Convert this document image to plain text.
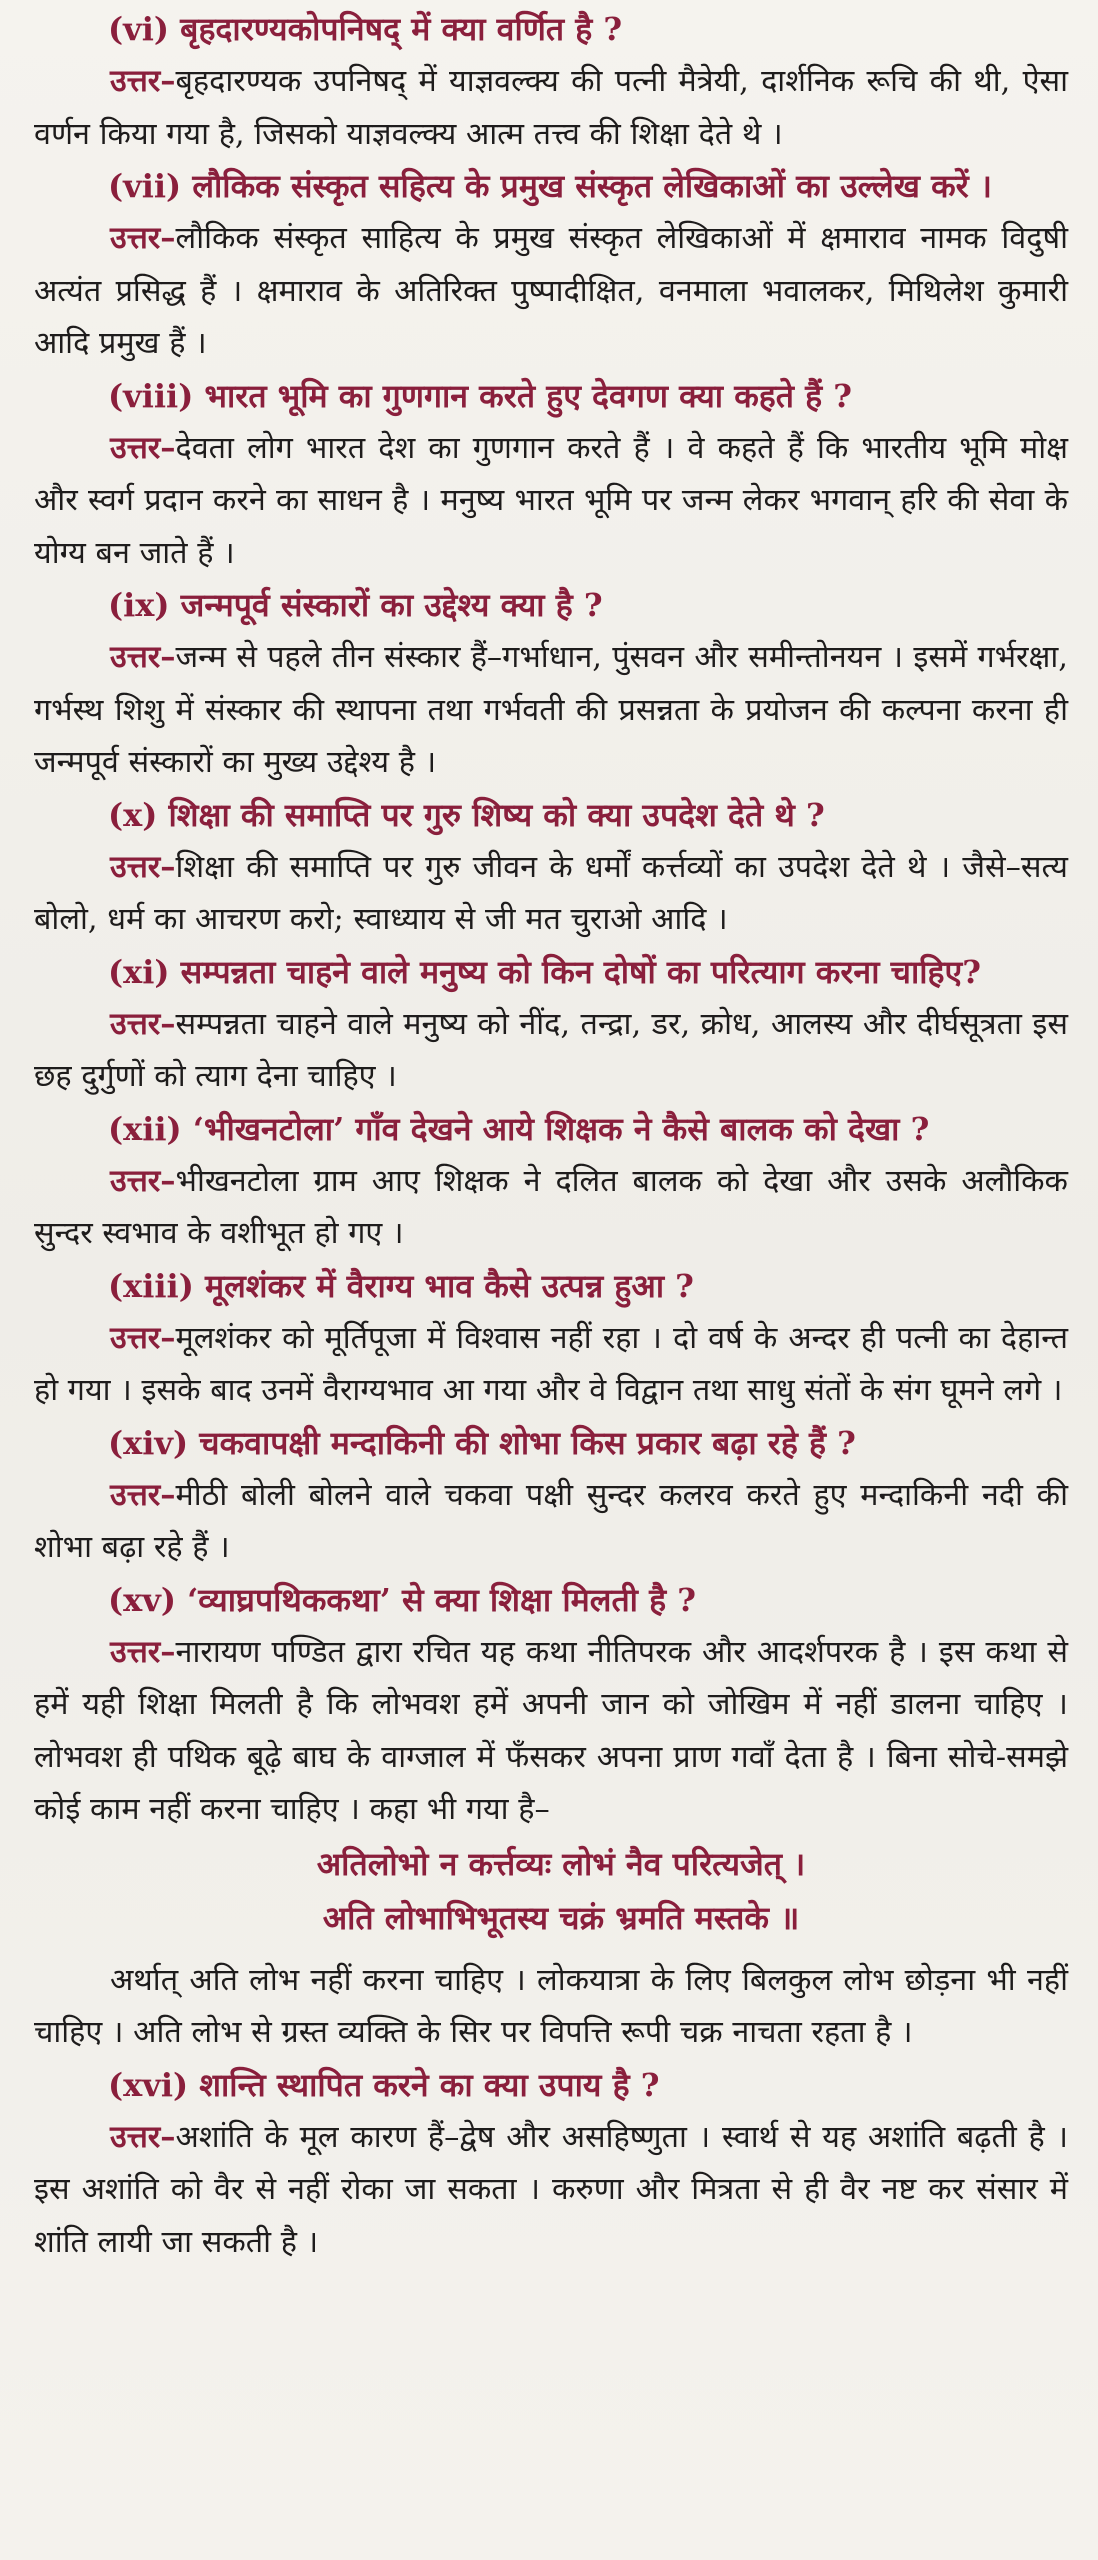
(vi) बृहदारण्यकोपनिषद् में क्या वर्णित है ?

उत्तर–बृहदारण्यक उपनिषद् में याज्ञवल्क्य की पत्नी मैत्रेयी, दार्शनिक रूचि की थी, ऐसा वर्णन किया गया है, जिसको याज्ञवल्क्य आत्म तत्त्व की शिक्षा देते थे ।

(vii) लौकिक संस्कृत सहित्य के प्रमुख संस्कृत लेखिकाओं का उल्लेख करें ।

उत्तर–लौकिक संस्कृत साहित्य के प्रमुख संस्कृत लेखिकाओं में क्षमाराव नामक विदुषी अत्यंत प्रसिद्ध हैं । क्षमाराव के अतिरिक्त पुष्पादीक्षित, वनमाला भवालकर, मिथिलेश कुमारी आदि प्रमुख हैं ।

(viii) भारत भूमि का गुणगान करते हुए देवगण क्या कहते हैं ?

उत्तर–देवता लोग भारत देश का गुणगान करते हैं । वे कहते हैं कि भारतीय भूमि मोक्ष और स्वर्ग प्रदान करने का साधन है । मनुष्य भारत भूमि पर जन्म लेकर भगवान् हरि की सेवा के योग्य बन जाते हैं ।

(ix) जन्मपूर्व संस्कारों का उद्देश्य क्या है ?

उत्तर–जन्म से पहले तीन संस्कार हैं–गर्भाधान, पुंसवन और समीन्तोनयन । इसमें गर्भरक्षा, गर्भस्थ शिशु में संस्कार की स्थापना तथा गर्भवती की प्रसन्नता के प्रयोजन की कल्पना करना ही जन्मपूर्व संस्कारों का मुख्य उद्देश्य है ।

(x) शिक्षा की समाप्ति पर गुरु शिष्य को क्या उपदेश देते थे ?

उत्तर–शिक्षा की समाप्ति पर गुरु जीवन के धर्मों कर्त्तव्यों का उपदेश देते थे । जैसे–सत्य बोलो, धर्म का आचरण करो; स्वाध्याय से जी मत चुराओ आदि ।

(xi) सम्पन्नता चाहने वाले मनुष्य को किन दोषों का परित्याग करना चाहिए?

उत्तर–सम्पन्नता चाहने वाले मनुष्य को नींद, तन्द्रा, डर, क्रोध, आलस्य और दीर्घसूत्रता इस छह दुर्गुणों को त्याग देना चाहिए ।

(xii) ‘भीखनटोला’ गाँव देखने आये शिक्षक ने कैसे बालक को देखा ?

उत्तर–भीखनटोला ग्राम आए शिक्षक ने दलित बालक को देखा और उसके अलौकिक सुन्दर स्वभाव के वशीभूत हो गए ।

(xiii) मूलशंकर में वैराग्य भाव कैसे उत्पन्न हुआ ?

उत्तर–मूलशंकर को मूर्तिपूजा में विश्वास नहीं रहा । दो वर्ष के अन्दर ही पत्नी का देहान्त हो गया । इसके बाद उनमें वैराग्यभाव आ गया और वे विद्वान तथा साधु संतों के संग घूमने लगे ।

(xiv) चकवापक्षी मन्दाकिनी की शोभा किस प्रकार बढ़ा रहे हैं ?

उत्तर–मीठी बोली बोलने वाले चकवा पक्षी सुन्दर कलरव करते हुए मन्दाकिनी नदी की शोभा बढ़ा रहे हैं ।

(xv) ‘व्याघ्रपथिककथा’ से क्या शिक्षा मिलती है ?

उत्तर–नारायण पण्डित द्वारा रचित यह कथा नीतिपरक और आदर्शपरक है । इस कथा से हमें यही शिक्षा मिलती है कि लोभवश हमें अपनी जान को जोखिम में नहीं डालना चाहिए । लोभवश ही पथिक बूढ़े बाघ के वाग्जाल में फँसकर अपना प्राण गवाँ देता है । बिना सोचे-समझे कोई काम नहीं करना चाहिए । कहा भी गया है–

अतिलोभो न कर्त्तव्यः लोभं नैव परित्यजेत् ।

अति लोभाभिभूतस्य चक्रं भ्रमति मस्तके ॥

अर्थात् अति लोभ नहीं करना चाहिए । लोकयात्रा के लिए बिलकुल लोभ छोड़ना भी नहीं चाहिए । अति लोभ से ग्रस्त व्यक्ति के सिर पर विपत्ति रूपी चक्र नाचता रहता है ।

(xvi) शान्ति स्थापित करने का क्या उपाय है ?

उत्तर–अशांति के मूल कारण हैं–द्वेष और असहिष्णुता । स्वार्थ से यह अशांति बढ़ती है । इस अशांति को वैर से नहीं रोका जा सकता । करुणा और मित्रता से ही वैर नष्ट कर संसार में शांति लायी जा सकती है ।
